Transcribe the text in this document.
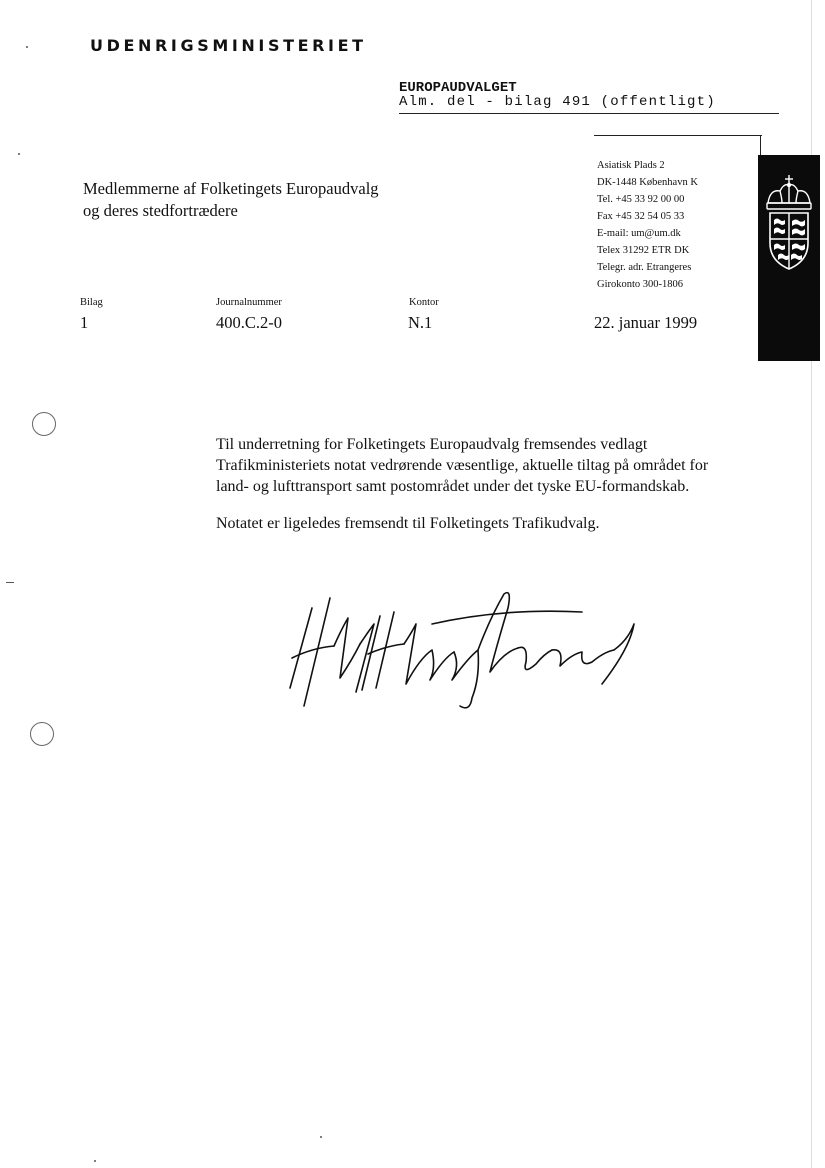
UDENRIGSMINISTERIET
EUROPAUDVALGET
Alm. del - bilag 491 (offentligt)
Medlemmerne af Folketingets Europaudvalg
og deres stedfortrædere
Asiatisk Plads 2
DK-1448 København K
Tel. +45 33 92 00 00
Fax +45 32 54 05 33
E-mail: um@um.dk
Telex 31292 ETR DK
Telegr. adr. Etrangeres
Girokonto 300-1806
Bilag
1
Journalnummer
400.C.2-0
Kontor
N.1	22. januar 1999

Til underretning for Folketingets Europaudvalg fremsendes vedlagt Trafikministeriets notat vedrørende væsentlige, aktuelle tiltag på området for land- og lufttransport samt postområdet under det tyske EU-formandskab.

Notatet er ligeledes fremsendt til Folketingets Trafikudvalg.
